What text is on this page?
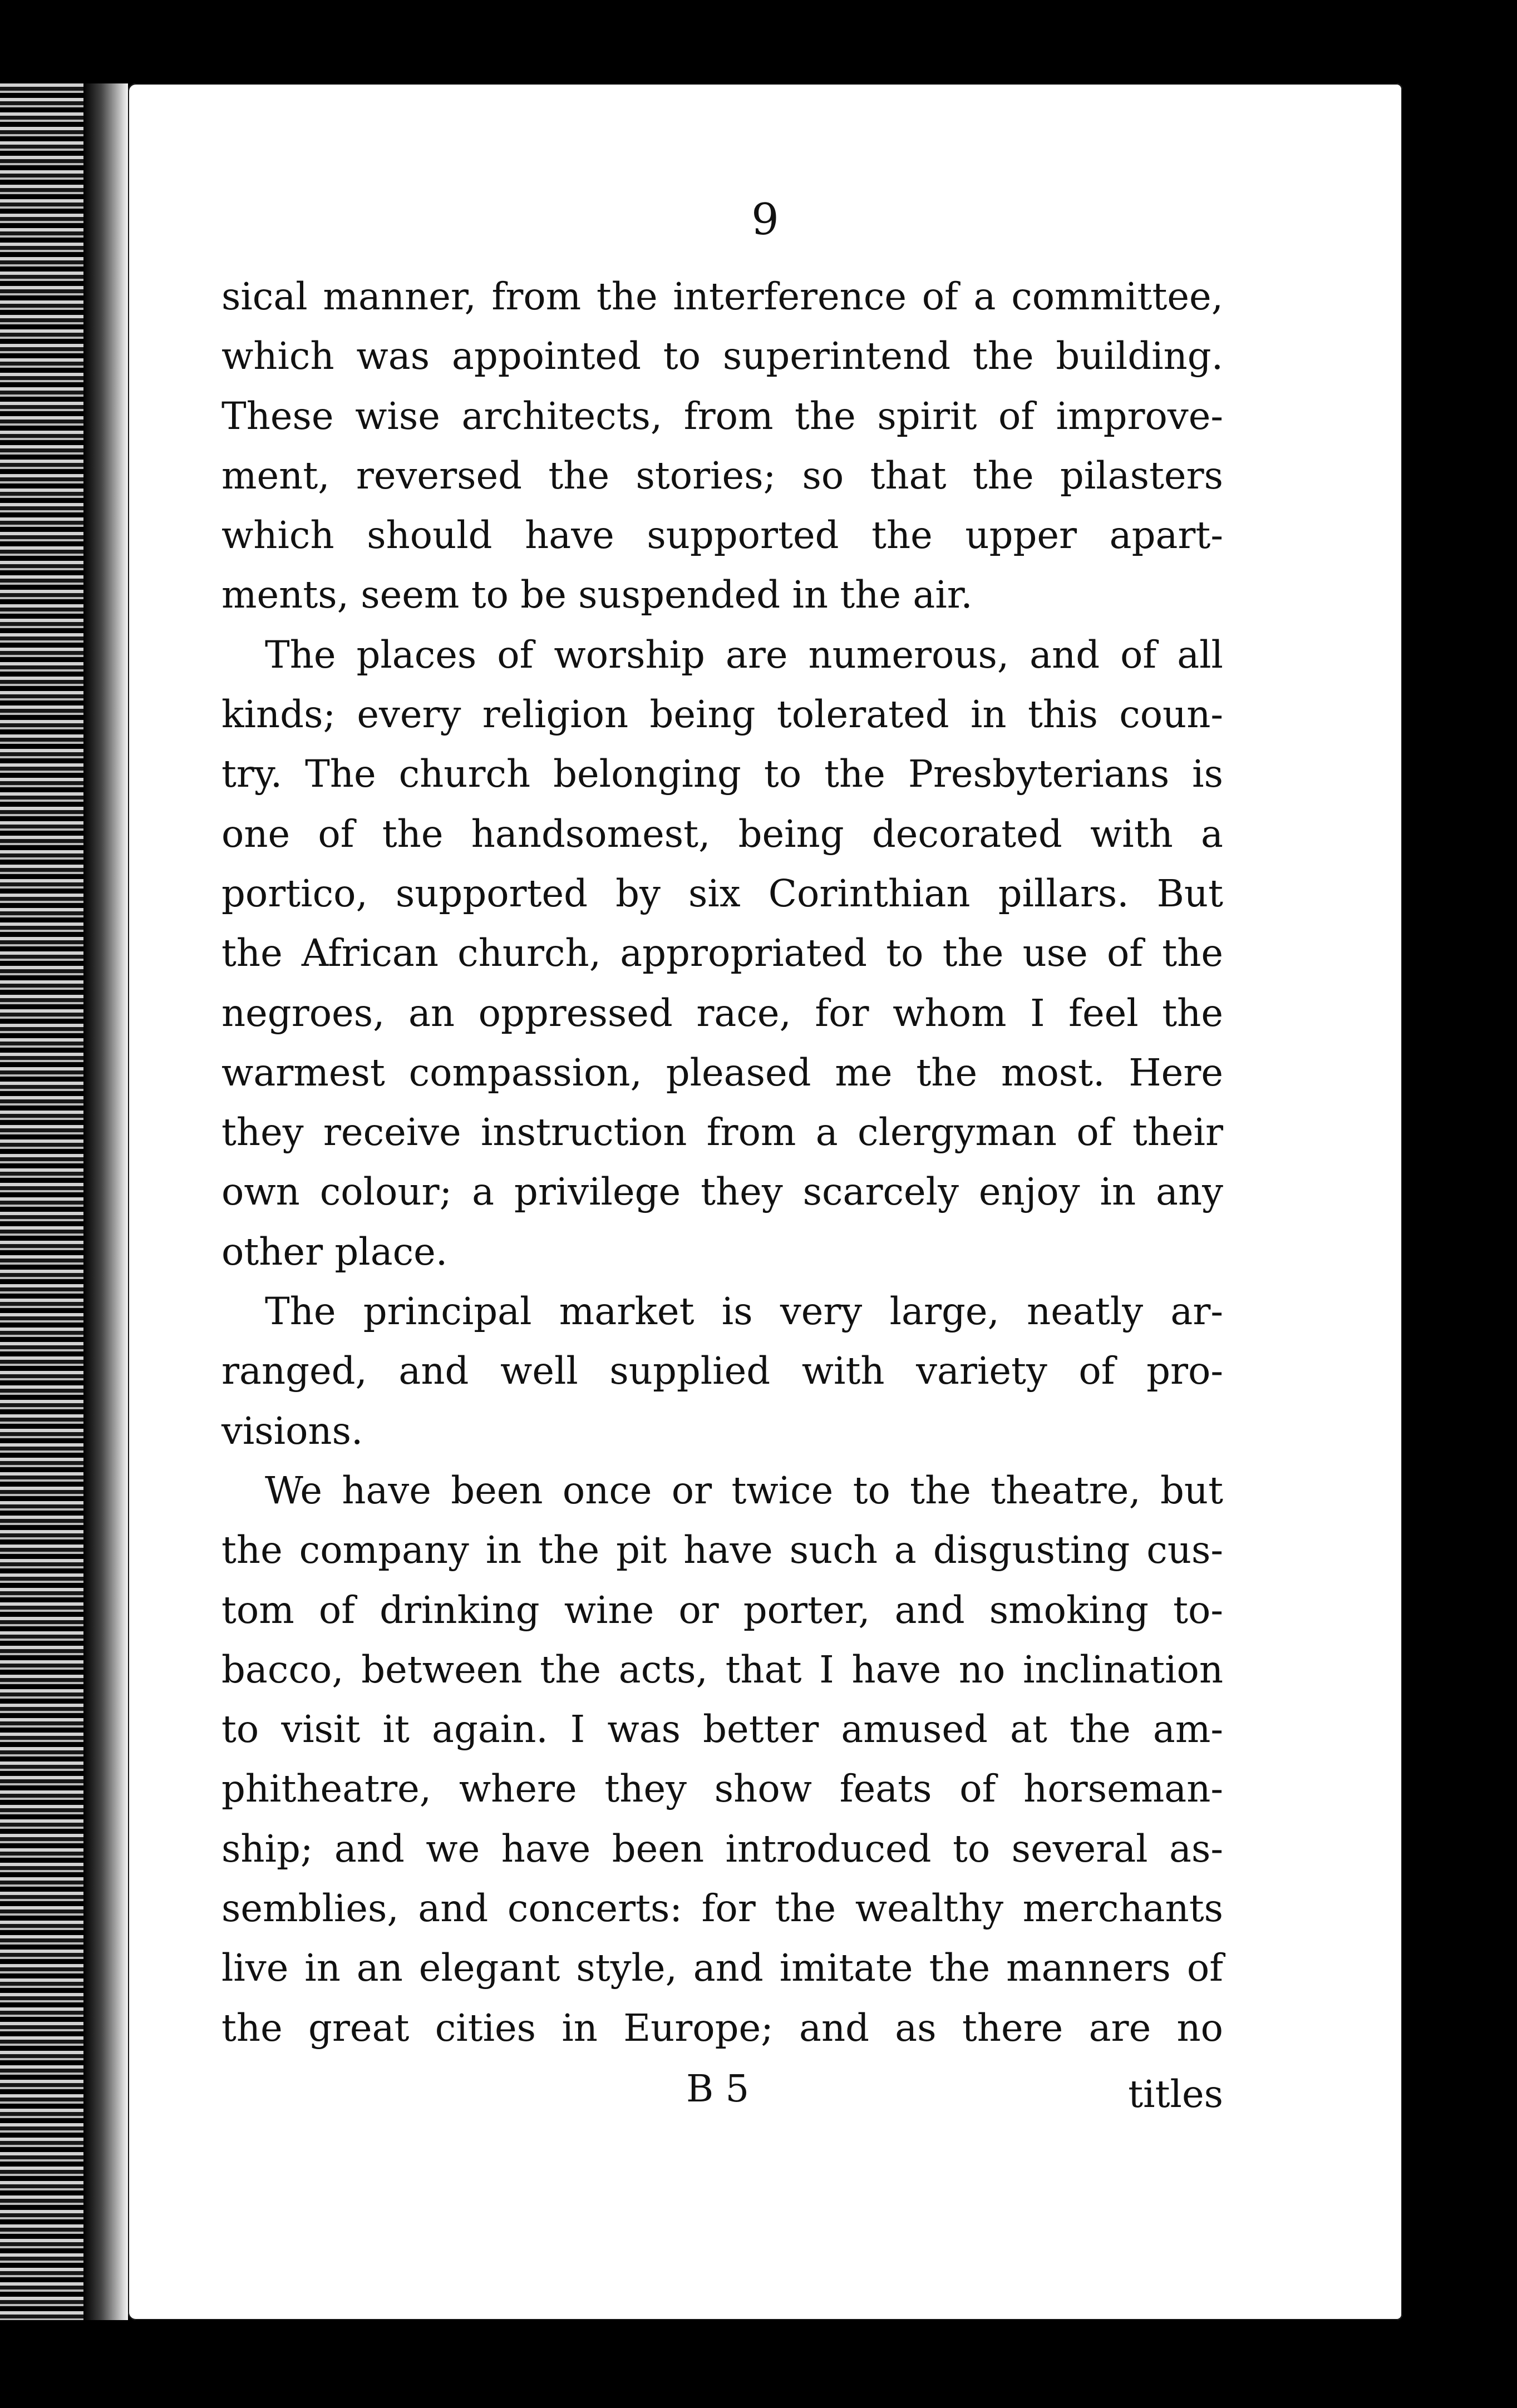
9
sical manner, from the interference of a committee,
which was appointed to superintend the building.
These wise architects, from the spirit of improve-
ment, reversed the stories; so that the pilasters
which should have supported the upper apart-
ments, seem to be suspended in the air.
The places of worship are numerous, and of all
kinds; every religion being tolerated in this coun-
try. The church belonging to the Presbyterians is
one of the handsomest, being decorated with a
portico, supported by six Corinthian pillars. But
the African church, appropriated to the use of the
negroes, an oppressed race, for whom I feel the
warmest compassion, pleased me the most. Here
they receive instruction from a clergyman of their
own colour; a privilege they scarcely enjoy in any
other place.
The principal market is very large, neatly ar-
ranged, and well supplied with variety of pro-
visions.
We have been once or twice to the theatre, but
the company in the pit have such a disgusting cus-
tom of drinking wine or porter, and smoking to-
bacco, between the acts, that I have no inclination
to visit it again. I was better amused at the am-
phitheatre, where they show feats of horseman-
ship; and we have been introduced to several as-
semblies, and concerts: for the wealthy merchants
live in an elegant style, and imitate the manners of
the great cities in Europe; and as there are no
B 5	titles
